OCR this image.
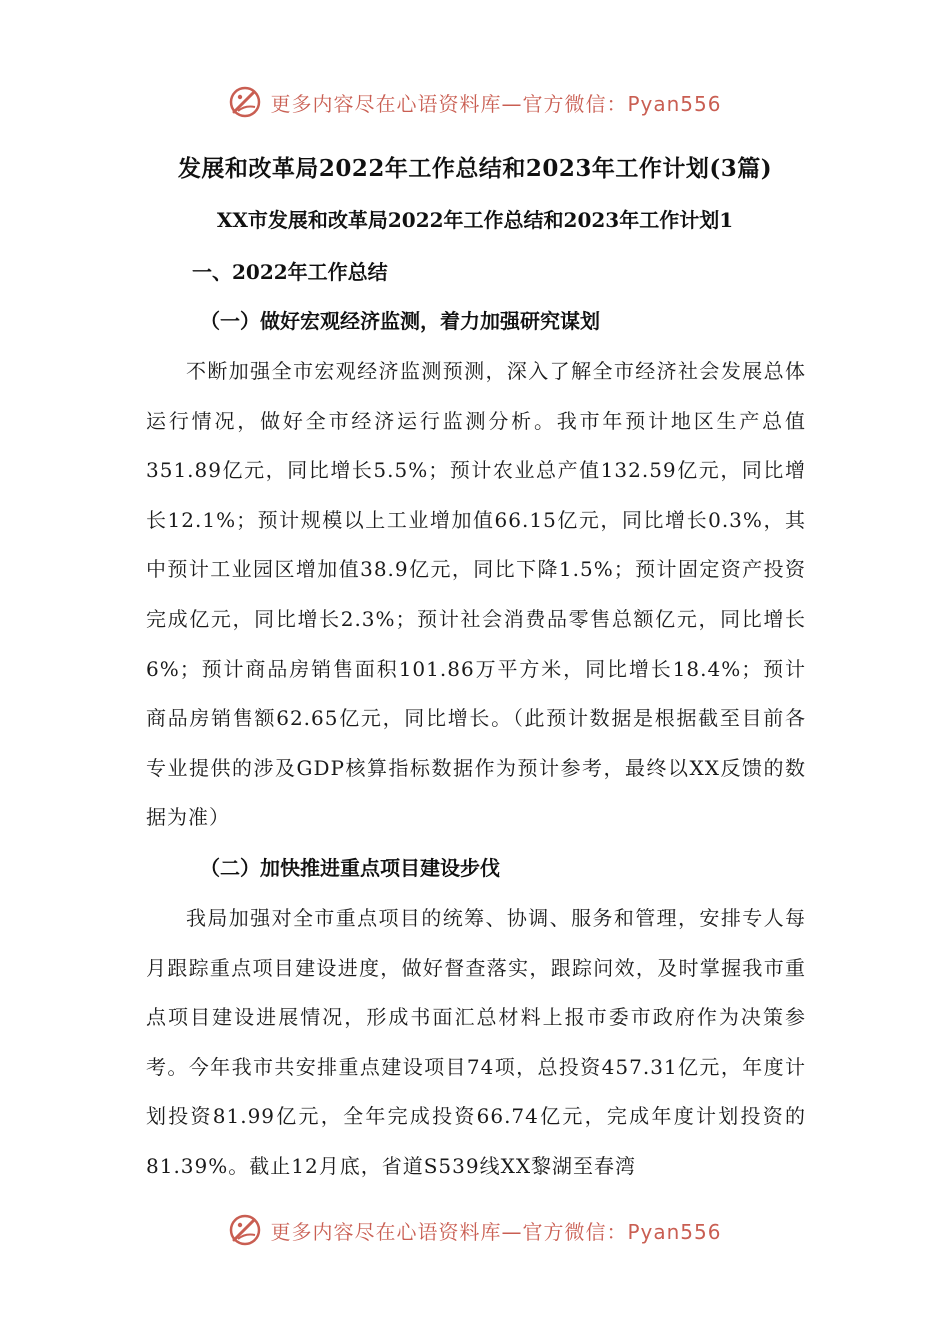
更多内容尽在心语资料库—官方微信：Pyan556
发展和改革局2022年工作总结和2023年工作计划(3篇)
XX市发展和改革局2022年工作总结和2023年工作计划1
一、2022年工作总结
（一）做好宏观经济监测，着力加强研究谋划

不断加强全市宏观经济监测预测，深入了解全市经济社会发展总体运行情况，做好全市经济运行监测分析。我市年预计地区生产总值351.89亿元，同比增长5.5%；预计农业总产值132.59亿元，同比增长12.1%；预计规模以上工业增加值66.15亿元，同比增长0.3%，其中预计工业园区增加值38.9亿元，同比下降1.5%；预计固定资产投资完成亿元，同比增长2.3%；预计社会消费品零售总额亿元，同比增长6%；预计商品房销售面积101.86万平方米，同比增长18.4%；预计商品房销售额62.65亿元，同比增长。（此预计数据是根据截至目前各专业提供的涉及GDP核算指标数据作为预计参考，最终以XX反馈的数据为准）

（二）加快推进重点项目建设步伐

我局加强对全市重点项目的统筹、协调、服务和管理，安排专人每月跟踪重点项目建设进度，做好督查落实，跟踪问效，及时掌握我市重点项目建设进展情况，形成书面汇总材料上报市委市政府作为决策参考。今年我市共安排重点建设项目74项，总投资457.31亿元，年度计划投资81.99亿元，全年完成投资66.74亿元，完成年度计划投资的81.39%。截止12月底，省道S539线XX黎湖至春湾

更多内容尽在心语资料库—官方微信：Pyan556
